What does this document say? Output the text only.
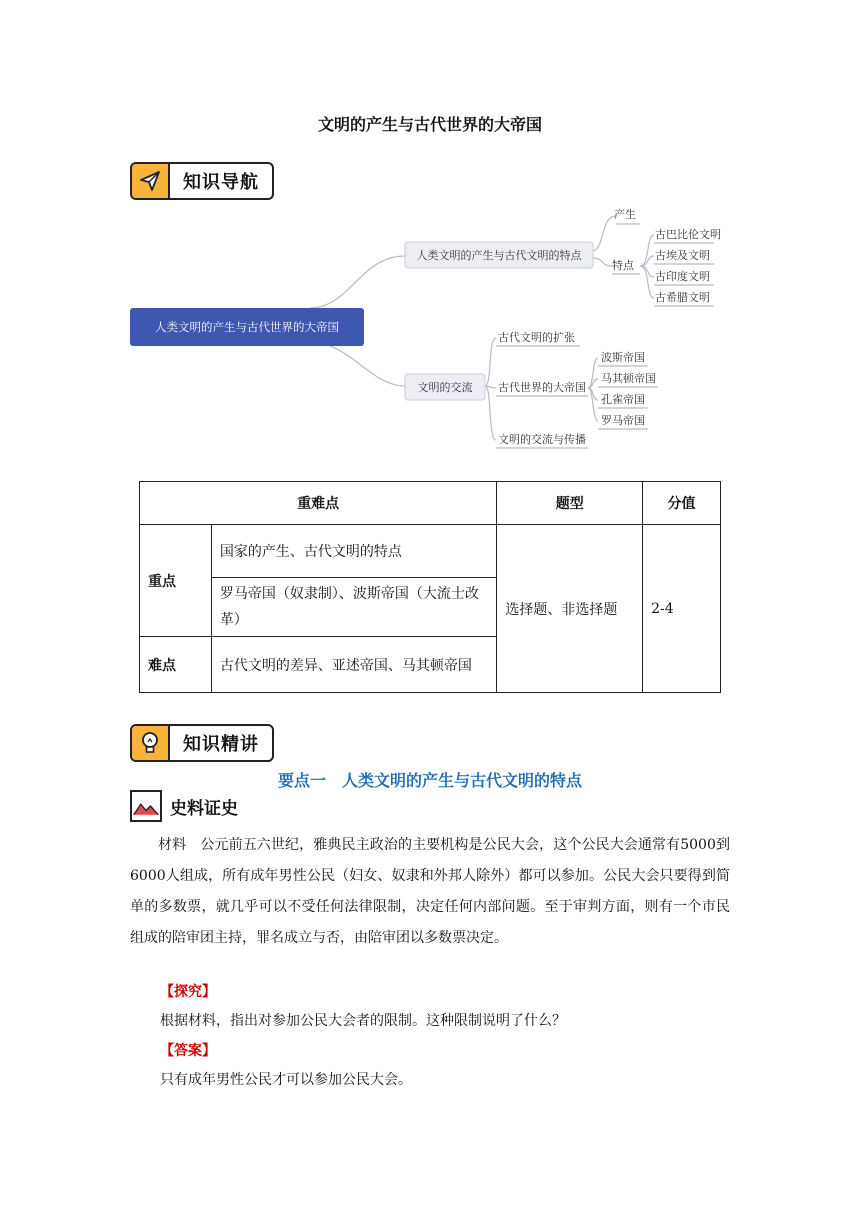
文明的产生与古代世界的大帝国
知识导航
人类文明的产生与古代世界的大帝国
人类文明的产生与古代文明的特点
文明的交流
产生
特点
古巴比伦文明
古埃及文明
古印度文明
古希腊文明
古代文明的扩张
古代世界的大帝国
文明的交流与传播
波斯帝国
马其顿帝国
孔雀帝国
罗马帝国
重难点		题型	分值
重点	国家的产生、古代文明的特点	选择题、非选择题	2-4
	罗马帝国（奴隶制）、波斯帝国（大流士改革）		
难点	古代文明的差异、亚述帝国、马其顿帝国		
知识精讲
要点一　人类文明的产生与古代文明的特点
史料证史
材料　公元前五六世纪，雅典民主政治的主要机构是公民大会，这个公民大会通常有5000到6000人组成，所有成年男性公民（妇女、奴隶和外邦人除外）都可以参加。公民大会只要得到简单的多数票，就几乎可以不受任何法律限制，决定任何内部问题。至于审判方面，则有一个市民组成的陪审团主持，罪名成立与否，由陪审团以多数票决定。
【探究】
根据材料，指出对参加公民大会者的限制。这种限制说明了什么？
【答案】
只有成年男性公民才可以参加公民大会。
